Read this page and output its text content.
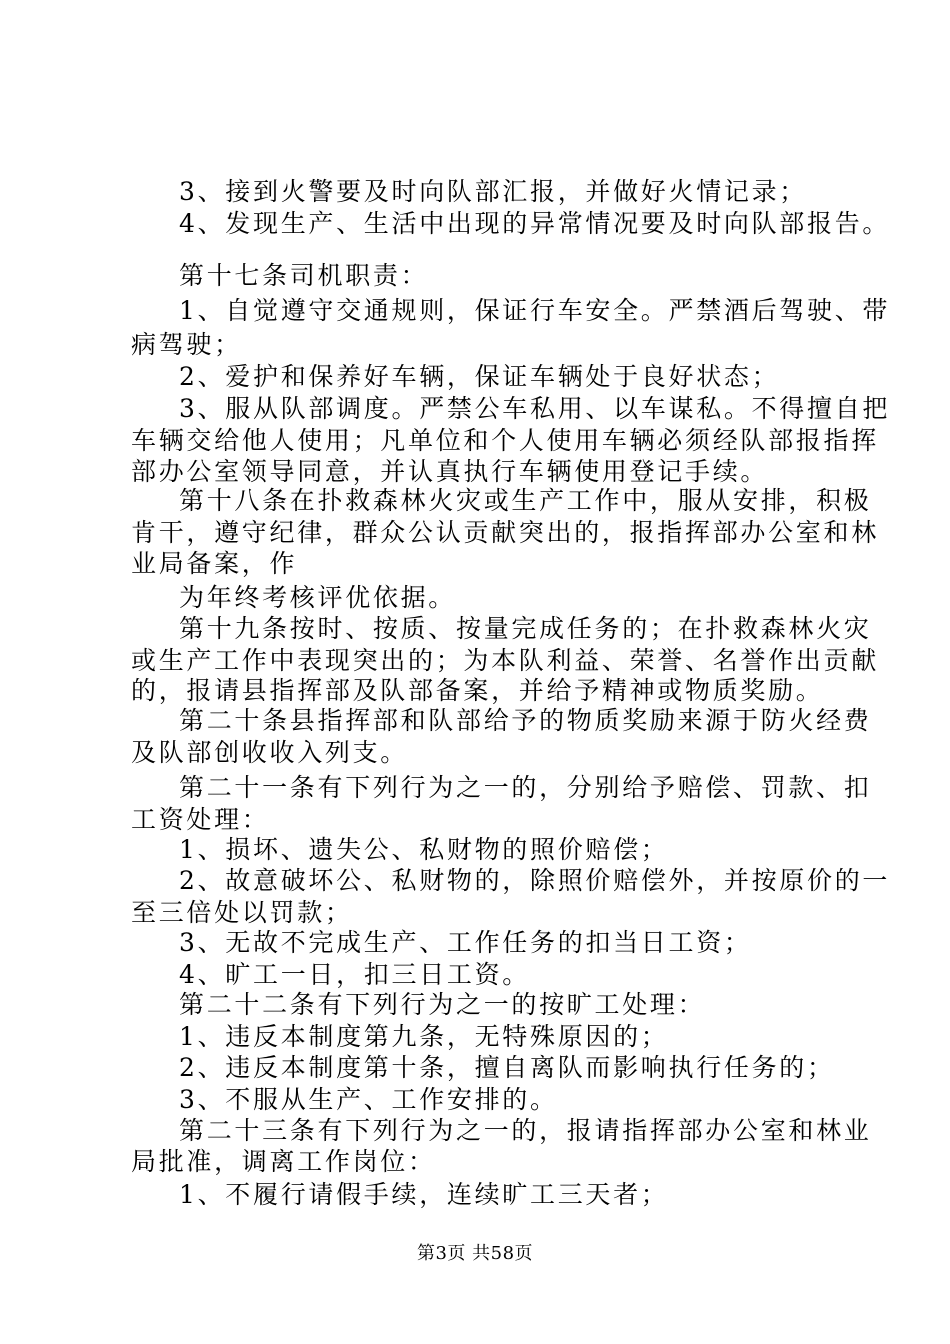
3、接到火警要及时向队部汇报，并做好火情记录；
4、发现生产、生活中出现的异常情况要及时向队部报告。
第十七条司机职责：
1、自觉遵守交通规则，保证行车安全。严禁酒后驾驶、带
病驾驶；
2、爱护和保养好车辆，保证车辆处于良好状态；
3、服从队部调度。严禁公车私用、以车谋私。不得擅自把
车辆交给他人使用；凡单位和个人使用车辆必须经队部报指挥
部办公室领导同意，并认真执行车辆使用登记手续。
第十八条在扑救森林火灾或生产工作中，服从安排，积极
肯干，遵守纪律，群众公认贡献突出的，报指挥部办公室和林
业局备案，作
为年终考核评优依据。
第十九条按时、按质、按量完成任务的；在扑救森林火灾
或生产工作中表现突出的；为本队利益、荣誉、名誉作出贡献
的，报请县指挥部及队部备案，并给予精神或物质奖励。
第二十条县指挥部和队部给予的物质奖励来源于防火经费
及队部创收收入列支。
第二十一条有下列行为之一的，分别给予赔偿、罚款、扣
工资处理：
1、损坏、遗失公、私财物的照价赔偿；
2、故意破坏公、私财物的，除照价赔偿外，并按原价的一
至三倍处以罚款；
3、无故不完成生产、工作任务的扣当日工资；
4、旷工一日，扣三日工资。
第二十二条有下列行为之一的按旷工处理：
1、违反本制度第九条，无特殊原因的；
2、违反本制度第十条，擅自离队而影响执行任务的；
3、不服从生产、工作安排的。
第二十三条有下列行为之一的，报请指挥部办公室和林业
局批准，调离工作岗位：
1、不履行请假手续，连续旷工三天者；
第3页 共58页
